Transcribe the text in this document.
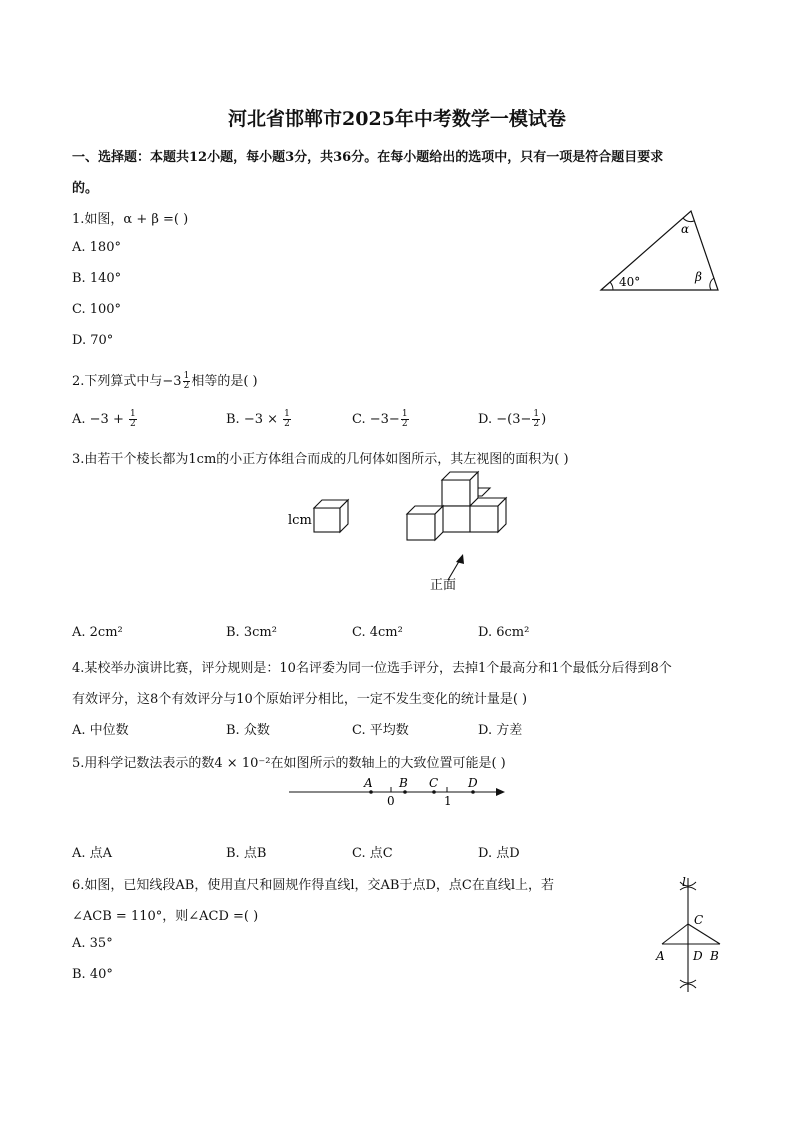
河北省邯郸市2025年中考数学一模试卷
一、选择题：本题共12小题，每小题3分，共36分。在每小题给出的选项中，只有一项是符合题目要求
的。
1.如图，α + β =( )
A. 180°
B. 140°
C. 100°
D. 70°
40°
α
β
2.下列算式中与$-3 \frac{1}{2}$ 相等的是( )
A. $-3 + \frac{1}{2}$	B. $-3 \times \frac{1}{2}$	C. $-3- \frac{1}{2}$	D. $-(3- \frac{1}{2}$ )
3.由若干个棱长都为1cm的小正方体组合而成的几何体如图所示，其左视图的面积为( )
lcm
正面
A. 2cm²	B. 3cm²	C. 4cm²	D. 6cm²
4.某校举办演讲比赛，评分规则是：10名评委为同一位选手评分，去掉1个最高分和1个最低分后得到8个
有效评分，这8个有效评分与10个原始评分相比，一定不发生变化的统计量是( )
A. 中位数	B. 众数	C. 平均数	D. 方差
5.用科学记数法表示的数4 × 10⁻²在如图所示的数轴上的大致位置可能是( )
A B C D
0	1
A. 点A	B. 点B	C. 点C	D. 点D
6.如图，已知线段AB，使用直尺和圆规作得直线l，交AB于点D，点C在直线l上，若
∠ACB = 110°，则∠ACD =( )
A. 35°
B. 40°
l
C
A D B
